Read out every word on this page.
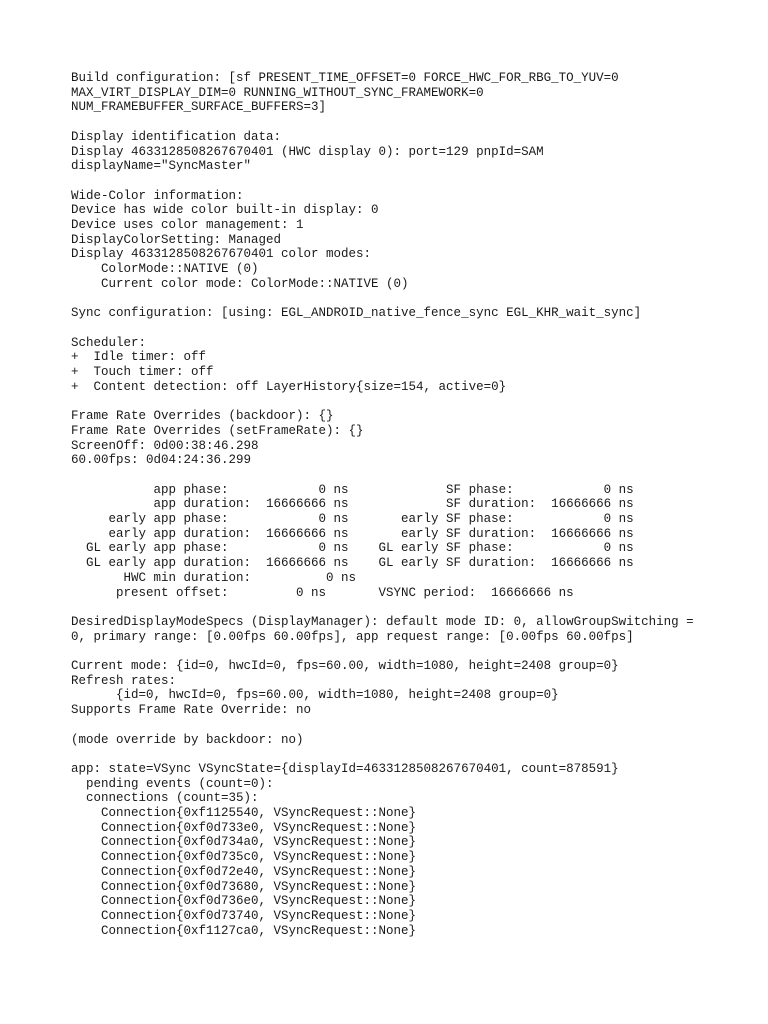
Build configuration: [sf PRESENT_TIME_OFFSET=0 FORCE_HWC_FOR_RBG_TO_YUV=0
MAX_VIRT_DISPLAY_DIM=0 RUNNING_WITHOUT_SYNC_FRAMEWORK=0
NUM_FRAMEBUFFER_SURFACE_BUFFERS=3]
Display identification data:
Display 4633128508267670401 (HWC display 0): port=129 pnpId=SAM
displayName="SyncMaster"
Wide-Color information:
Device has wide color built-in display: 0
Device uses color management: 1
DisplayColorSetting: Managed
Display 4633128508267670401 color modes:
ColorMode::NATIVE (0)
Current color mode: ColorMode::NATIVE (0)
Sync configuration: [using: EGL_ANDROID_native_fence_sync EGL_KHR_wait_sync]
Scheduler:
+  Idle timer: off
+  Touch timer: off
+  Content detection: off LayerHistory{size=154, active=0}
Frame Rate Overrides (backdoor): {}
Frame Rate Overrides (setFrameRate): {}
ScreenOff: 0d00:38:46.298
60.00fps: 0d04:24:36.299
app phase:            0 ns             SF phase:            0 ns
app duration:  16666666 ns             SF duration:  16666666 ns
early app phase:            0 ns       early SF phase:            0 ns
early app duration:  16666666 ns       early SF duration:  16666666 ns
GL early app phase:            0 ns    GL early SF phase:            0 ns
GL early app duration:  16666666 ns    GL early SF duration:  16666666 ns
HWC min duration:          0 ns
present offset:         0 ns       VSYNC period:  16666666 ns
DesiredDisplayModeSpecs (DisplayManager): default mode ID: 0, allowGroupSwitching =
0, primary range: [0.00fps 60.00fps], app request range: [0.00fps 60.00fps]
Current mode: {id=0, hwcId=0, fps=60.00, width=1080, height=2408 group=0}
Refresh rates:
{id=0, hwcId=0, fps=60.00, width=1080, height=2408 group=0}
Supports Frame Rate Override: no
(mode override by backdoor: no)
app: state=VSync VSyncState={displayId=4633128508267670401, count=878591}
pending events (count=0):
connections (count=35):
Connection{0xf1125540, VSyncRequest::None}
Connection{0xf0d733e0, VSyncRequest::None}
Connection{0xf0d734a0, VSyncRequest::None}
Connection{0xf0d735c0, VSyncRequest::None}
Connection{0xf0d72e40, VSyncRequest::None}
Connection{0xf0d73680, VSyncRequest::None}
Connection{0xf0d736e0, VSyncRequest::None}
Connection{0xf0d73740, VSyncRequest::None}
Connection{0xf1127ca0, VSyncRequest::None}
